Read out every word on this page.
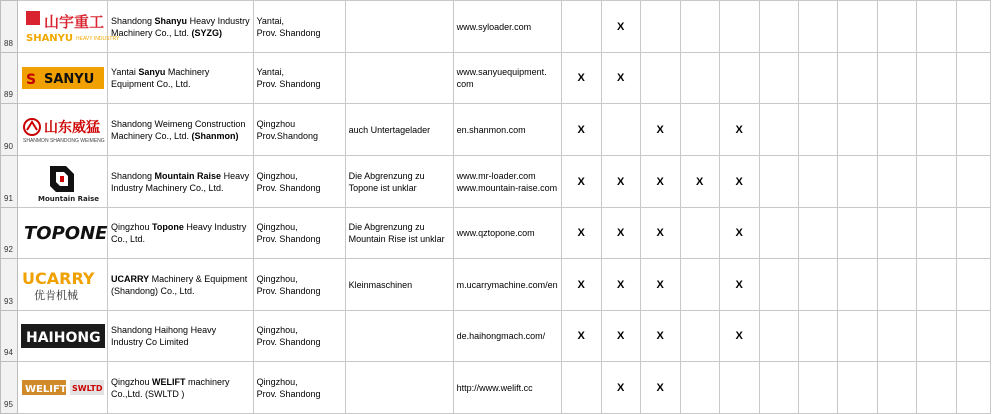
88	山宇重工
SHANYU HEAVY INDUSTRY	Shandong Shanyu Heavy Industry
Machinery Co., Ltd. (SYZG)	Yantai,
Prov. Shandong		www.syloader.com		X									
89	S SANYU	Yantai Sanyu Machinery
Equipment Co., Ltd.	Yantai,
Prov. Shandong		www.sanyuequipment.
com	X	X									
90	山东威猛
SHANMON SHANDONG WEIMENG	Shandong Weimeng Construction
Machinery Co., Ltd. (Shanmon)	Qingzhou
Prov.Shandong	auch Untertagelader	en.shanmon.com	X		X		X						
91	Mountain Raise	Shandong Mountain Raise Heavy
Industry Machinery Co., Ltd.	Qingzhou,
Prov. Shandong	Die Abgrenzung zu
Topone ist unklar	www.mr-loader.com
www.mountain-raise.com	X	X	X	X	X						
92	TOPONE	Qingzhou Topone Heavy Industry
Co., Ltd.	Qingzhou,
Prov. Shandong	Die Abgrenzung zu
Mountain Rise ist unklar	www.qztopone.com	X	X	X		X						
93	UCARRY
优肯机械	UCARRY Machinery & Equipment
(Shandong) Co., Ltd.	Qingzhou,
Prov. Shandong	Kleinmaschinen	m.ucarrymachine.com/en	X	X	X		X						
94	HAIHONG	Shandong Haihong Heavy
Industry Co Limited	Qingzhou,
Prov. Shandong		de.haihongmach.com/	X	X	X		X						
95	WELIFT SWLTD	Qingzhou WELIFT machinery
Co.,Ltd. (SWLTD )	Qingzhou,
Prov. Shandong		http://www.welift.cc		X	X								
